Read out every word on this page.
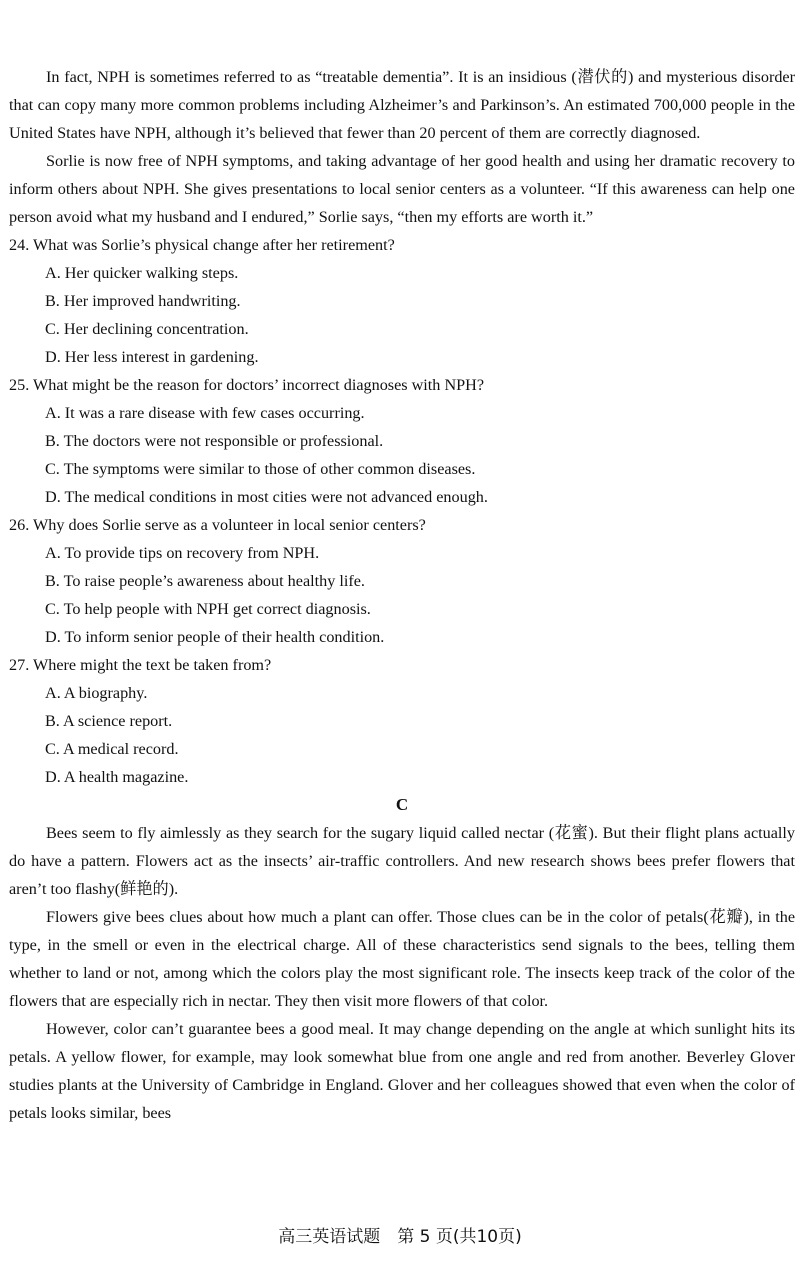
In fact, NPH is sometimes referred to as “treatable dementia”. It is an insidious (潜伏的) and mysterious disorder that can copy many more common problems including Alzheimer’s and Parkinson’s. An estimated 700,000 people in the United States have NPH, although it’s believed that fewer than 20 percent of them are correctly diagnosed.

Sorlie is now free of NPH symptoms, and taking advantage of her good health and using her dramatic recovery to inform others about NPH. She gives presentations to local senior centers as a volunteer. “If this awareness can help one person avoid what my husband and I endured,” Sorlie says, “then my efforts are worth it.”

24. What was Sorlie’s physical change after her retirement?

A. Her quicker walking steps.

B. Her improved handwriting.

C. Her declining concentration.

D. Her less interest in gardening.

25. What might be the reason for doctors’ incorrect diagnoses with NPH?

A. It was a rare disease with few cases occurring.

B. The doctors were not responsible or professional.

C. The symptoms were similar to those of other common diseases.

D. The medical conditions in most cities were not advanced enough.

26. Why does Sorlie serve as a volunteer in local senior centers?

A. To provide tips on recovery from NPH.

B. To raise people’s awareness about healthy life.

C. To help people with NPH get correct diagnosis.

D. To inform senior people of their health condition.

27. Where might the text be taken from?

A. A biography.

B. A science report.

C. A medical record.

D. A health magazine.

C

Bees seem to fly aimlessly as they search for the sugary liquid called nectar (花蜜). But their flight plans actually do have a pattern. Flowers act as the insects’ air-traffic controllers. And new research shows bees prefer flowers that aren’t too flashy(鲜艳的).

Flowers give bees clues about how much a plant can offer. Those clues can be in the color of petals(花瓣), in the type, in the smell or even in the electrical charge. All of these characteristics send signals to the bees, telling them whether to land or not, among which the colors play the most significant role. The insects keep track of the color of the flowers that are especially rich in nectar. They then visit more flowers of that color.

However, color can’t guarantee bees a good meal. It may change depending on the angle at which sunlight hits its petals. A yellow flower, for example, may look somewhat blue from one angle and red from another. Beverley Glover studies plants at the University of Cambridge in England. Glover and her colleagues showed that even when the color of petals looks similar, bees

高三英语试题　第 5 页(共10页)
